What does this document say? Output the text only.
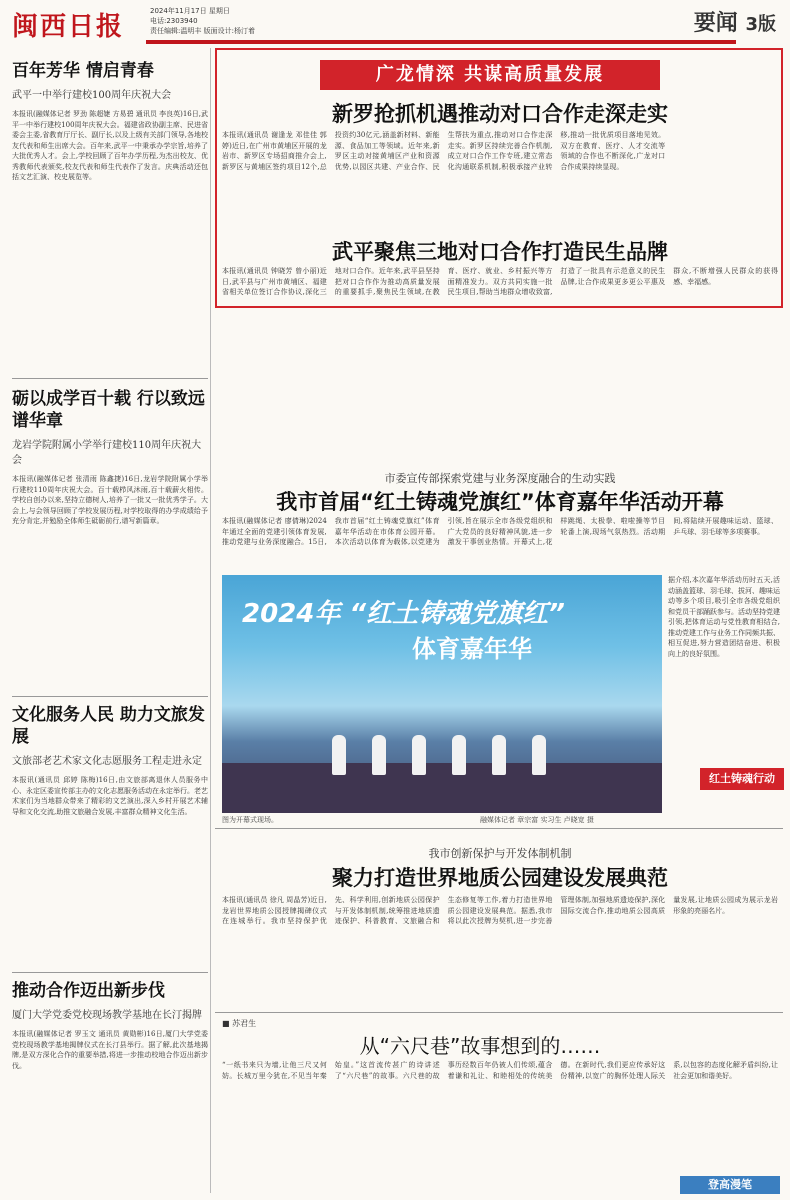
闽西日报
2024年11月17日 星期日
电话:2303940
责任编辑:温明丰 版面设计:杨汀着	要闻 3版
百年芳华 情启青春
武平一中举行建校100周年庆祝大会
本报讯(融媒体记者 罗劲 陈超婕 方易碧 通讯员 李良英)16日,武平一中举行建校100周年庆祝大会。福建省政协副主席、民进省委会主委,省教育厅厅长、副厅长,以及上级有关部门领导,各地校友代表和师生出席大会。百年来,武平一中秉承办学宗旨,培养了大批优秀人才。会上,学校回顾了百年办学历程,为杰出校友、优秀教师代表颁奖,校友代表和师生代表作了发言。庆典活动还包括文艺汇演、校史展览等。
砺以成学百十载 行以致远谱华章
龙岩学院附属小学举行建校110周年庆祝大会
本报讯(融媒体记者 张清雨 陈鑫捷)16日,龙岩学院附属小学举行建校110周年庆祝大会。百十载栉风沐雨,百十载薪火相传。学校自创办以来,坚持立德树人,培养了一批又一批优秀学子。大会上,与会领导回顾了学校发展历程,对学校取得的办学成绩给予充分肯定,并勉励全体师生砥砺前行,谱写新篇章。
文化服务人民 助力文旅发展
文旅部老艺术家文化志愿服务工程走进永定
本报讯(通讯员 邱婷 陈梅)16日,由文旅部离退休人员服务中心、永定区委宣传部主办的文化志愿服务活动在永定举行。老艺术家们为当地群众带来了精彩的文艺演出,深入乡村开展艺术辅导和文化交流,助推文旅融合发展,丰富群众精神文化生活。
推动合作迈出新步伐
厦门大学党委党校现场教学基地在长汀揭牌
本报讯(融媒体记者 罗玉文 通讯员 黄勋彬)16日,厦门大学党委党校现场教学基地揭牌仪式在长汀县举行。据了解,此次基地揭牌,是双方深化合作的重要举措,将进一步推动校地合作迈出新步伐。
广龙情深 共谋高质量发展
新罗抢抓机遇推动对口合作走深走实
本报讯(通讯员 谢逢龙 邓佳佳 郭婷)近日,在广州市黄埔区开展的龙岩市、新罗区专场招商推介会上,新罗区与黄埔区签约项目12个,总投资约30亿元,涵盖新材料、新能源、食品加工等领域。近年来,新罗区主动对接黄埔区产业和资源优势,以园区共建、产业合作、民生帮扶为重点,推动对口合作走深走实。新罗区持续完善合作机制,成立对口合作工作专班,建立常态化沟通联系机制,积极承接产业转移,推动一批优质项目落地见效。双方在教育、医疗、人才交流等领域的合作也不断深化,广龙对口合作成果持续显现。
武平聚焦三地对口合作打造民生品牌
本报讯(通讯员 钟晓芳 曾小丽)近日,武平县与广州市黄埔区、福建省相关单位签订合作协议,深化三地对口合作。近年来,武平县坚持把对口合作作为推动高质量发展的重要抓手,聚焦民生领域,在教育、医疗、就业、乡村振兴等方面精准发力。双方共同实施一批民生项目,帮助当地群众增收致富,打造了一批具有示范意义的民生品牌,让合作成果更多更公平惠及群众,不断增强人民群众的获得感、幸福感。
市委宣传部探索党建与业务深度融合的生动实践
我市首届“红土铸魂党旗红”体育嘉年华活动开幕
本报讯(融媒体记者 廖倩琳)2024年通过全面的党建引领体育发展,推动党建与业务深度融合。15日,我市首届“红土铸魂党旗红”体育嘉年华活动在市体育公园开幕。本次活动以体育为载体,以党建为引领,旨在展示全市各级党组织和广大党员的良好精神风貌,进一步激发干事创业热情。开幕式上,花样跳绳、太极拳、啦啦操等节目轮番上演,现场气氛热烈。活动期间,将陆续开展趣味运动、篮球、乒乓球、羽毛球等多项赛事。
2024年 “红土铸魂党旗红”
体育嘉年华
图为开幕式现场。	融媒体记者 章宗富 实习生 卢晓宽 摄
据介绍,本次嘉年华活动历时五天,活动涵盖篮球、羽毛球、拔河、趣味运动等多个项目,吸引全市各级党组织和党员干部踊跃参与。活动坚持党建引领,把体育运动与党性教育相结合,推动党建工作与业务工作同频共振、相互促进,努力营造团结奋进、积极向上的良好氛围。
红土铸魂行动
我市创新保护与开发体制机制
聚力打造世界地质公园建设发展典范
本报讯(通讯员 徐凡 周晶芳)近日,龙岩世界地质公园授牌揭碑仪式在连城举行。我市坚持保护优先、科学利用,创新地质公园保护与开发体制机制,统筹推进地质遗迹保护、科普教育、文旅融合和生态修复等工作,着力打造世界地质公园建设发展典范。据悉,我市将以此次授牌为契机,进一步完善管理体制,加强地质遗迹保护,深化国际交流合作,推动地质公园高质量发展,让地质公园成为展示龙岩形象的亮丽名片。
■ 苏君生
从“六尺巷”故事想到的……
“一纸书来只为墙,让他三尺又何妨。长城万里今犹在,不见当年秦始皇。”这首流传甚广的诗讲述了“六尺巷”的故事。六尺巷的故事历经数百年仍被人们传颂,蕴含着谦和礼让、和睦相处的传统美德。在新时代,我们更应传承好这份精神,以宽广的胸怀处理人际关系,以包容的态度化解矛盾纠纷,让社会更加和谐美好。
登高漫笔
